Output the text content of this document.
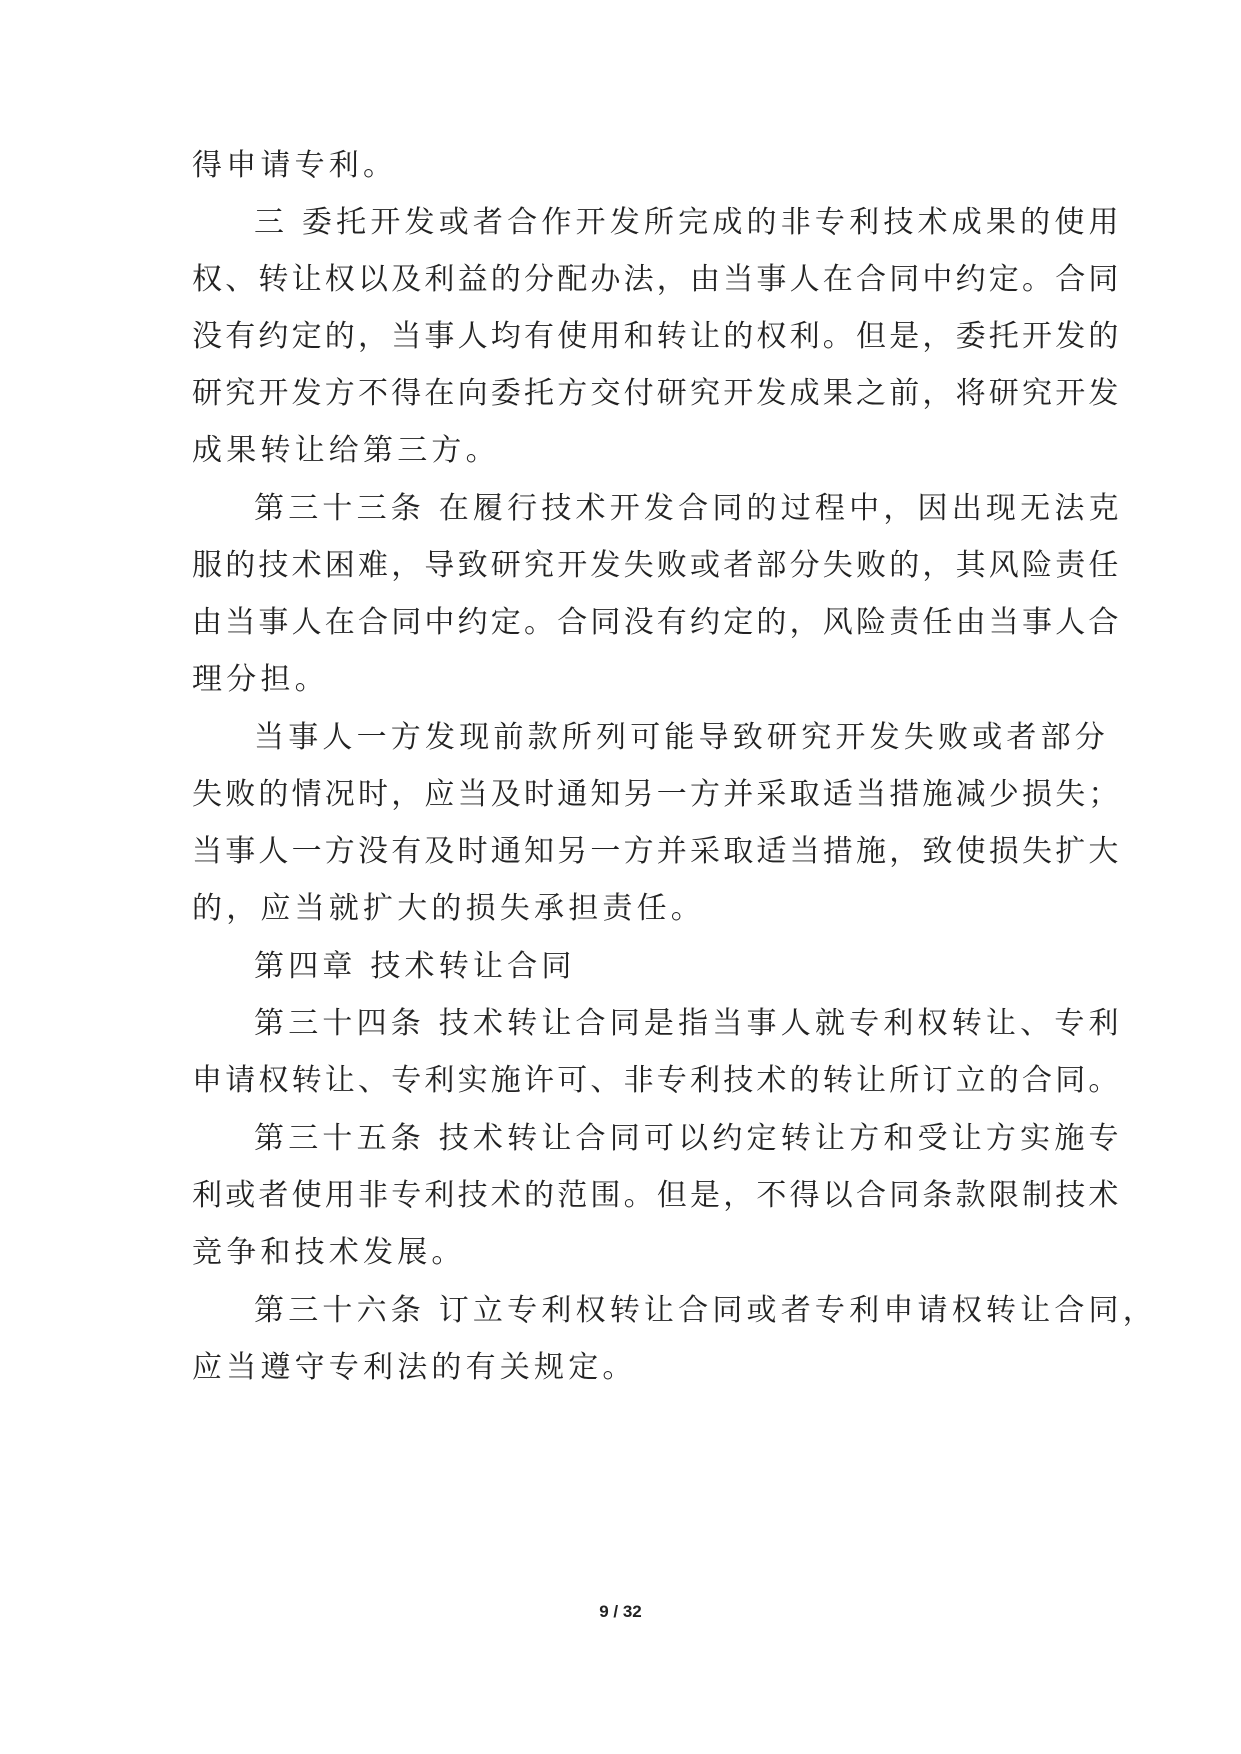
得申请专利。
三 委托开发或者合作开发所完成的非专利技术成果的使用
权、转让权以及利益的分配办法，由当事人在合同中约定。合同
没有约定的，当事人均有使用和转让的权利。但是，委托开发的
研究开发方不得在向委托方交付研究开发成果之前，将研究开发
成果转让给第三方。
第三十三条 在履行技术开发合同的过程中，因出现无法克
服的技术困难，导致研究开发失败或者部分失败的，其风险责任
由当事人在合同中约定。合同没有约定的，风险责任由当事人合
理分担。
当事人一方发现前款所列可能导致研究开发失败或者部分
失败的情况时，应当及时通知另一方并采取适当措施减少损失；
当事人一方没有及时通知另一方并采取适当措施，致使损失扩大
的，应当就扩大的损失承担责任。
第四章 技术转让合同
第三十四条 技术转让合同是指当事人就专利权转让、专利
申请权转让、专利实施许可、非专利技术的转让所订立的合同。
第三十五条 技术转让合同可以约定转让方和受让方实施专
利或者使用非专利技术的范围。但是，不得以合同条款限制技术
竞争和技术发展。
第三十六条 订立专利权转让合同或者专利申请权转让合同，
应当遵守专利法的有关规定。
9 / 32
